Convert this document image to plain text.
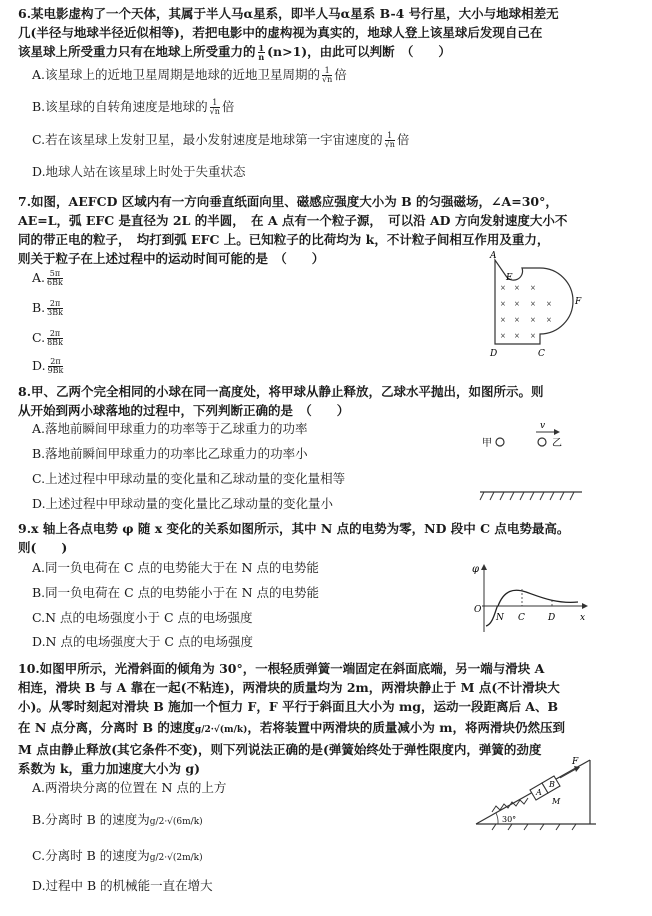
6.某电影虚构了一个天体，其属于半人马α星系，即半人马α星系 B-4 号行星，大小与地球相差无
几(半径与地球半径近似相等)，若把电影中的虚构视为真实的，地球人登上该星球后发现自己在
该星球上所受重力只有在地球上所受重力的 $\frac{1}{n} (n>1)$，由此可以判断　（　　）
A.该星球上的近地卫星周期是地球的近地卫星周期的 $\frac{1}{√n}$ 倍
B.该星球的自转角速度是地球的 $\frac{1}{√n}$ 倍
C.若在该星球上发射卫星，最小发射速度是地球第一宇宙速度的 $\frac{1}{√n}$ 倍
D.地球人站在该星球上时处于失重状态
7.如图，AEFCD 区域内有一方向垂直纸面向里、磁感应强度大小为 B 的匀强磁场，∠A=30°，
AE=L，弧 EFC 是直径为 2L 的半圆，　在 A 点有一个粒子源，　可以沿 AD 方向发射速度大小不
同的带正电的粒子，　均打到弧 EFC 上。已知粒子的比荷均为 k，不计粒子间相互作用及重力，
则关于粒子在上述过程中的运动时间可能的是　（　　）
A. $\frac{5\pi}{6Bk}$
B. $\frac{2\pi}{3Bk}$
C. $\frac{2\pi}{8Bk}$
D. $\frac{2\pi}{9Bk}$
A
E
F
D	C
× × ×
× × × ×
× × × ×
× × ×
8.甲、乙两个完全相同的小球在同一高度处，将甲球从静止释放，乙球水平抛出，如图所示。则
从开始到两小球落地的过程中，下列判断正确的是　（　　）
A.落地前瞬间甲球重力的功率等于乙球重力的功率
B.落地前瞬间甲球重力的功率比乙球重力的功率小
C.上述过程中甲球动量的变化量和乙球动量的变化量相等
D.上述过程中甲球动量的变化量比乙球动量的变化量小
甲	乙
v
9.x 轴上各点电势 φ 随 x 变化的关系如图所示，其中 N 点的电势为零，ND 段中 C 点电势最高。
则(　　)
A.同一负电荷在 C 点的电势能大于在 N 点的电势能
B.同一负电荷在 C 点的电势能小于在 N 点的电势能
C.N 点的电场强度小于 C 点的电场强度
D.N 点的电场强度大于 C 点的电场强度
φ
O
N C	D	x
10.如图甲所示，光滑斜面的倾角为 30°，一根轻质弹簧一端固定在斜面底端，另一端与滑块 A
相连，滑块 B 与 A 靠在一起(不粘连)，两滑块的质量均为 2m，两滑块静止于 M 点(不计滑块大
小)。从零时刻起对滑块 B 施加一个恒力 F，F 平行于斜面且大小为 mg，运动一段距离后 A、B
在 N 点分离，分离时 B 的速度g/2·√(m/k)，若将装置中两滑块的质量减小为 m，将两滑块仍然压到
M 点由静止释放(其它条件不变)，则下列说法正确的是(弹簧始终处于弹性限度内，弹簧的劲度
系数为 k，重力加速度大小为 g)
A.两滑块分离的位置在 N 点的上方
B.分离时 B 的速度为g/2·√(6m/k)
C.分离时 B 的速度为g/2·√(2m/k)
D.过程中 B 的机械能一直在增大
F
A
B
M
30°
